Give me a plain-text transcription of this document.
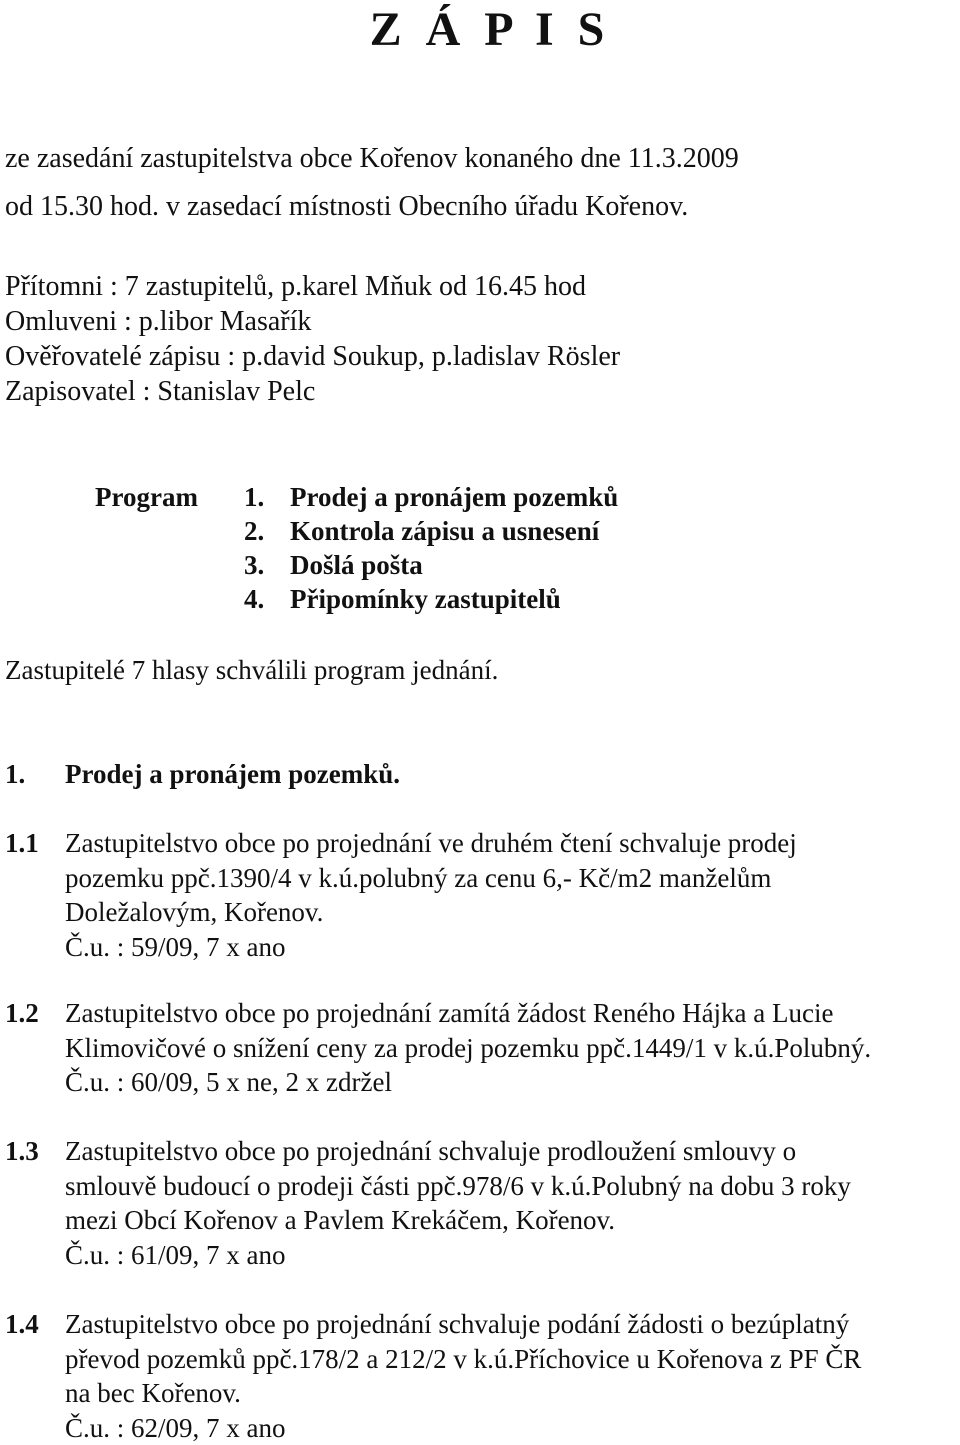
Z Á P I S
ze zasedání zastupitelstva obce Kořenov konaného dne 11.3.2009
od 15.30 hod. v zasedací místnosti Obecního úřadu Kořenov.
Přítomni : 7 zastupitelů, p.karel Mňuk od 16.45 hod
Omluveni : p.libor Masařík
Ověřovatelé zápisu : p.david Soukup, p.ladislav Rösler
Zapisovatel : Stanislav Pelc
Program 1. Prodej a pronájem pozemků
2. Kontrola zápisu a usnesení
3. Došlá pošta
4. Připomínky zastupitelů
Zastupitelé 7 hlasy schválili program jednání.
1. Prodej a pronájem pozemků.
1.1 Zastupitelstvo obce po projednání ve druhém čtení schvaluje prodej
pozemku ppč.1390/4 v k.ú.polubný za cenu 6,- Kč/m2 manželům
Doležalovým, Kořenov.
Č.u. : 59/09, 7 x ano
1.2 Zastupitelstvo obce po projednání zamítá žádost Reného Hájka a Lucie
Klimovičové o snížení ceny za prodej pozemku ppč.1449/1 v k.ú.Polubný.
Č.u. : 60/09, 5 x ne, 2 x zdržel
1.3 Zastupitelstvo obce po projednání schvaluje prodloužení smlouvy o
smlouvě budoucí o prodeji části ppč.978/6 v k.ú.Polubný na dobu 3 roky
mezi Obcí Kořenov a Pavlem Krekáčem, Kořenov.
Č.u. : 61/09, 7 x ano
1.4 Zastupitelstvo obce po projednání schvaluje podání žádosti o bezúplatný
převod pozemků ppč.178/2 a 212/2 v k.ú.Příchovice u Kořenova z PF ČR
na bec Kořenov.
Č.u. : 62/09, 7 x ano
